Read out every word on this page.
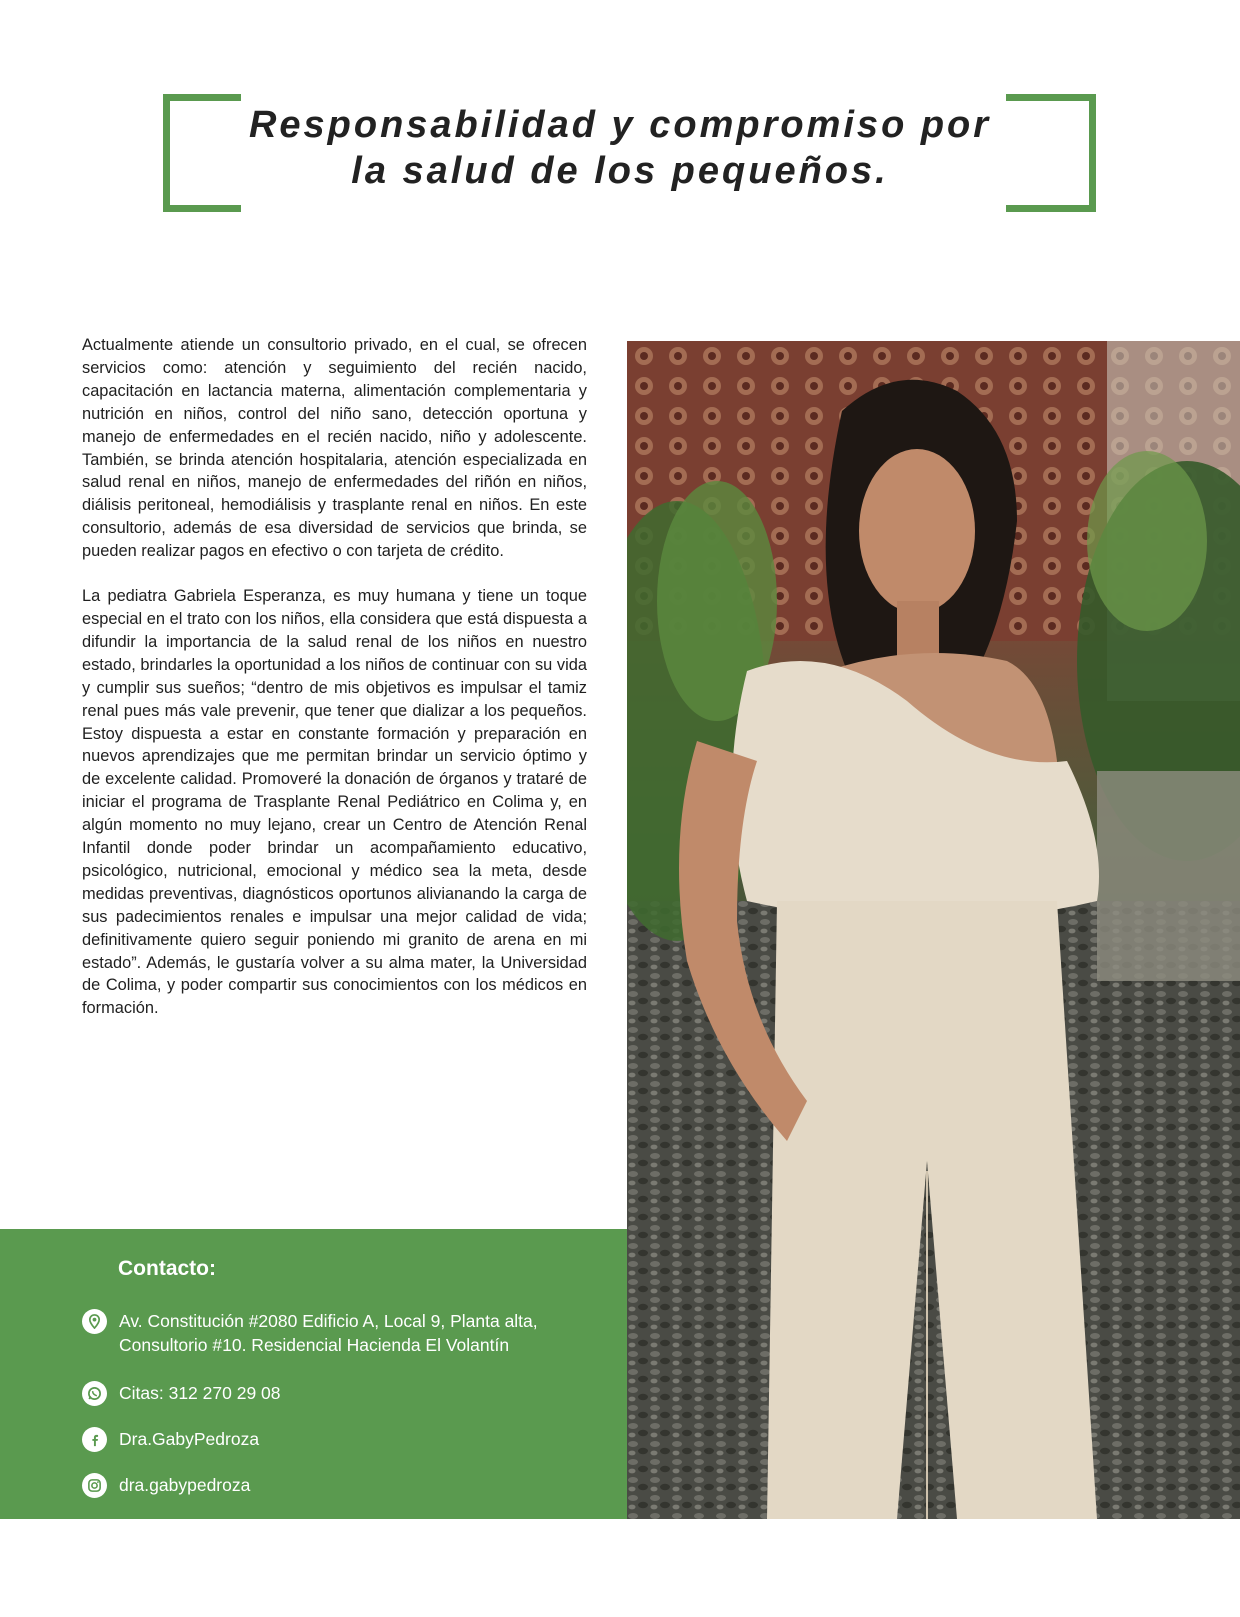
Responsabilidad y compromiso por
la salud de los pequeños.

Actualmente atiende un consultorio privado, en el cual, se ofrecen servicios como: atención y seguimiento del recién nacido, capacitación en lactancia materna, alimentación complementaria y nutrición en niños, control del niño sano, detección oportuna y manejo de enfermedades en el recién nacido, niño y adolescente. También, se brinda atención hospitalaria, atención especializada en salud renal en niños, manejo de enfermedades del riñón en niños, diálisis peritoneal, hemodiálisis y trasplante renal en niños. En este consultorio, además de esa diversidad de servicios que brinda, se pueden realizar pagos en efectivo o con tarjeta de crédito.

La pediatra Gabriela Esperanza, es muy humana y tiene un toque especial en el trato con los niños, ella considera que está dispuesta a difundir la importancia de la salud renal de los niños en nuestro estado, brindarles la oportunidad a los niños de continuar con su vida y cumplir sus sueños; “dentro de mis objetivos es impulsar el tamiz renal pues más vale prevenir, que tener que dializar a los pequeños. Estoy dispuesta a estar en constante formación y preparación en nuevos aprendizajes que me permitan brindar un servicio óptimo y de excelente calidad. Promoveré la donación de órganos y trataré de iniciar el programa de Trasplante Renal Pediátrico en Colima y, en algún momento no muy lejano, crear un Centro de Atención Renal Infantil donde poder brindar un acompañamiento educativo, psicológico, nutricional, emocional y médico sea la meta, desde medidas preventivas, diagnósticos oportunos alivianando la carga de sus padecimientos renales e impulsar una mejor calidad de vida; definitivamente quiero seguir poniendo mi granito de arena en mi estado”. Además, le gustaría volver a su alma mater, la Universidad de Colima, y poder compartir sus conocimientos con los médicos en formación.

Contacto:
Av. Constitución #2080 Edificio A, Local 9, Planta alta,
Consultorio #10. Residencial Hacienda El Volantín
Citas: 312 270 29 08
Dra.GabyPedroza
dra.gabypedroza
